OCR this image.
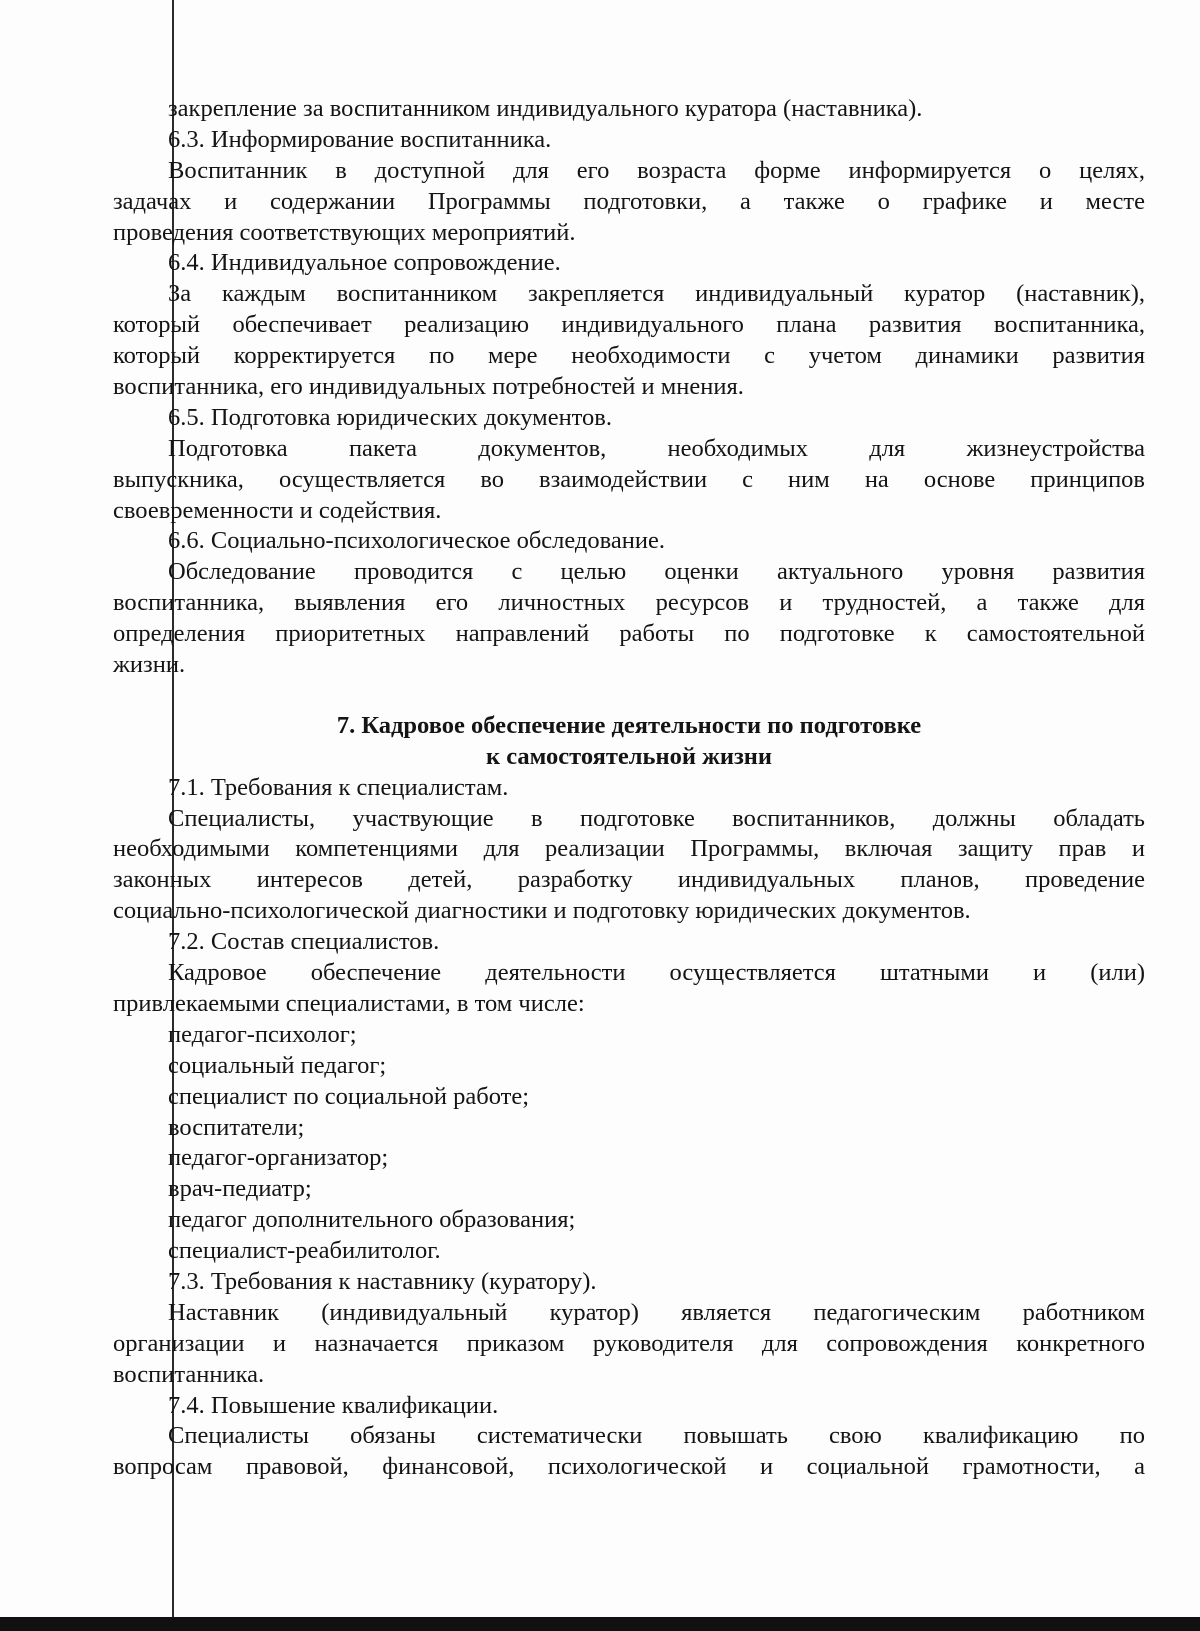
закрепление за воспитанником индивидуального куратора (наставника).
6.3. Информирование воспитанника.
Воспитанник в доступной для его возраста форме информируется о целях,
задачах и содержании Программы подготовки, а также о графике и месте
проведения соответствующих мероприятий.
6.4. Индивидуальное сопровождение.
За каждым воспитанником закрепляется индивидуальный куратор (наставник),
который обеспечивает реализацию индивидуального плана развития воспитанника,
который корректируется по мере необходимости с учетом динамики развития
воспитанника, его индивидуальных потребностей и мнения.
6.5. Подготовка юридических документов.
Подготовка пакета документов, необходимых для жизнеустройства
выпускника, осуществляется во взаимодействии с ним на основе принципов
своевременности и содействия.
6.6. Социально-психологическое обследование.
Обследование проводится с целью оценки актуального уровня развития
воспитанника, выявления его личностных ресурсов и трудностей, а также для
определения приоритетных направлений работы по подготовке к самостоятельной
жизни.
7. Кадровое обеспечение деятельности по подготовке
к самостоятельной жизни
7.1. Требования к специалистам.
Специалисты, участвующие в подготовке воспитанников, должны обладать
необходимыми компетенциями для реализации Программы, включая защиту прав и
законных интересов детей, разработку индивидуальных планов, проведение
социально-психологической диагностики и подготовку юридических документов.
7.2. Состав специалистов.
Кадровое обеспечение деятельности осуществляется штатными и (или)
привлекаемыми специалистами, в том числе:
педагог-психолог;
социальный педагог;
специалист по социальной работе;
воспитатели;
педагог-организатор;
врач-педиатр;
педагог дополнительного образования;
специалист-реабилитолог.
7.3. Требования к наставнику (куратору).
Наставник (индивидуальный куратор) является педагогическим работником
организации и назначается приказом руководителя для сопровождения конкретного
воспитанника.
7.4. Повышение квалификации.
Специалисты обязаны систематически повышать свою квалификацию по
вопросам правовой, финансовой, психологической и социальной грамотности, а
